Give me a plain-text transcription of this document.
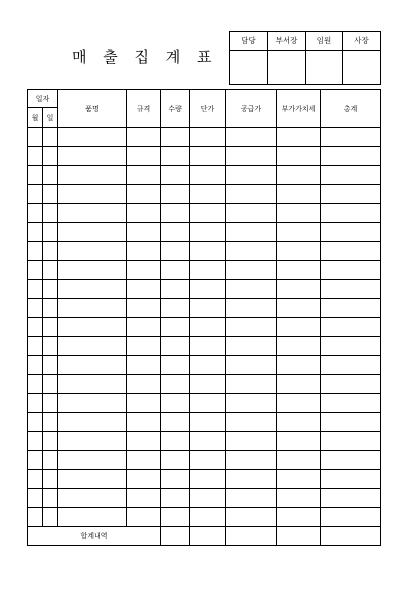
매 출 집 계 표
담당	부서장	임원	사장

일자		품명	규격	수량	단가	공급가	부가가치세	총계
월	일							

합계내역								
